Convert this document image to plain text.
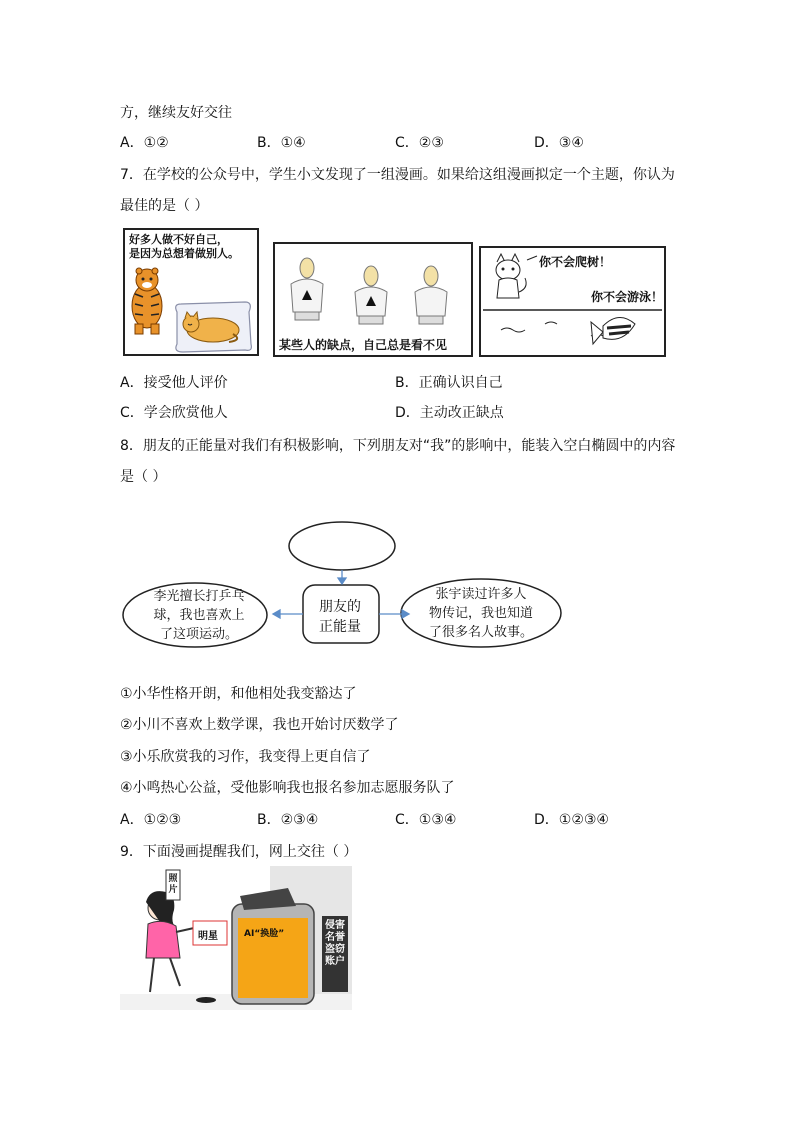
方，继续友好交往
A．①②	B．①④	C．②③	D．③④
7．在学校的公众号中，学生小文发现了一组漫画。如果给这组漫画拟定一个主题，你认为
最佳的是（ ）
好多人做不好自己，
是因为总想着做别人。
某些人的缺点，自己总是看不见
你不会爬树！
你不会游泳！
A．接受他人评价	B．正确认识自己
C．学会欣赏他人	D．主动改正缺点
8．朋友的正能量对我们有积极影响，下列朋友对“我”的影响中，能装入空白椭圆中的内容
是（ ）
朋友的
正能量
李光擅长打乒乓
球，我也喜欢上
了这项运动。
张宇读过许多人
物传记，我也知道
了很多名人故事。
①小华性格开朗，和他相处我变豁达了
②小川不喜欢上数学课，我也开始讨厌数学了
③小乐欣赏我的习作，我变得上更自信了
④小鸣热心公益，受他影响我也报名参加志愿服务队了
A．①②③	B．②③④	C．①③④	D．①②③④
9．下面漫画提醒我们，网上交往（ ）
照片
明星	AI“换脸”
侵害名誉盗窃账户
